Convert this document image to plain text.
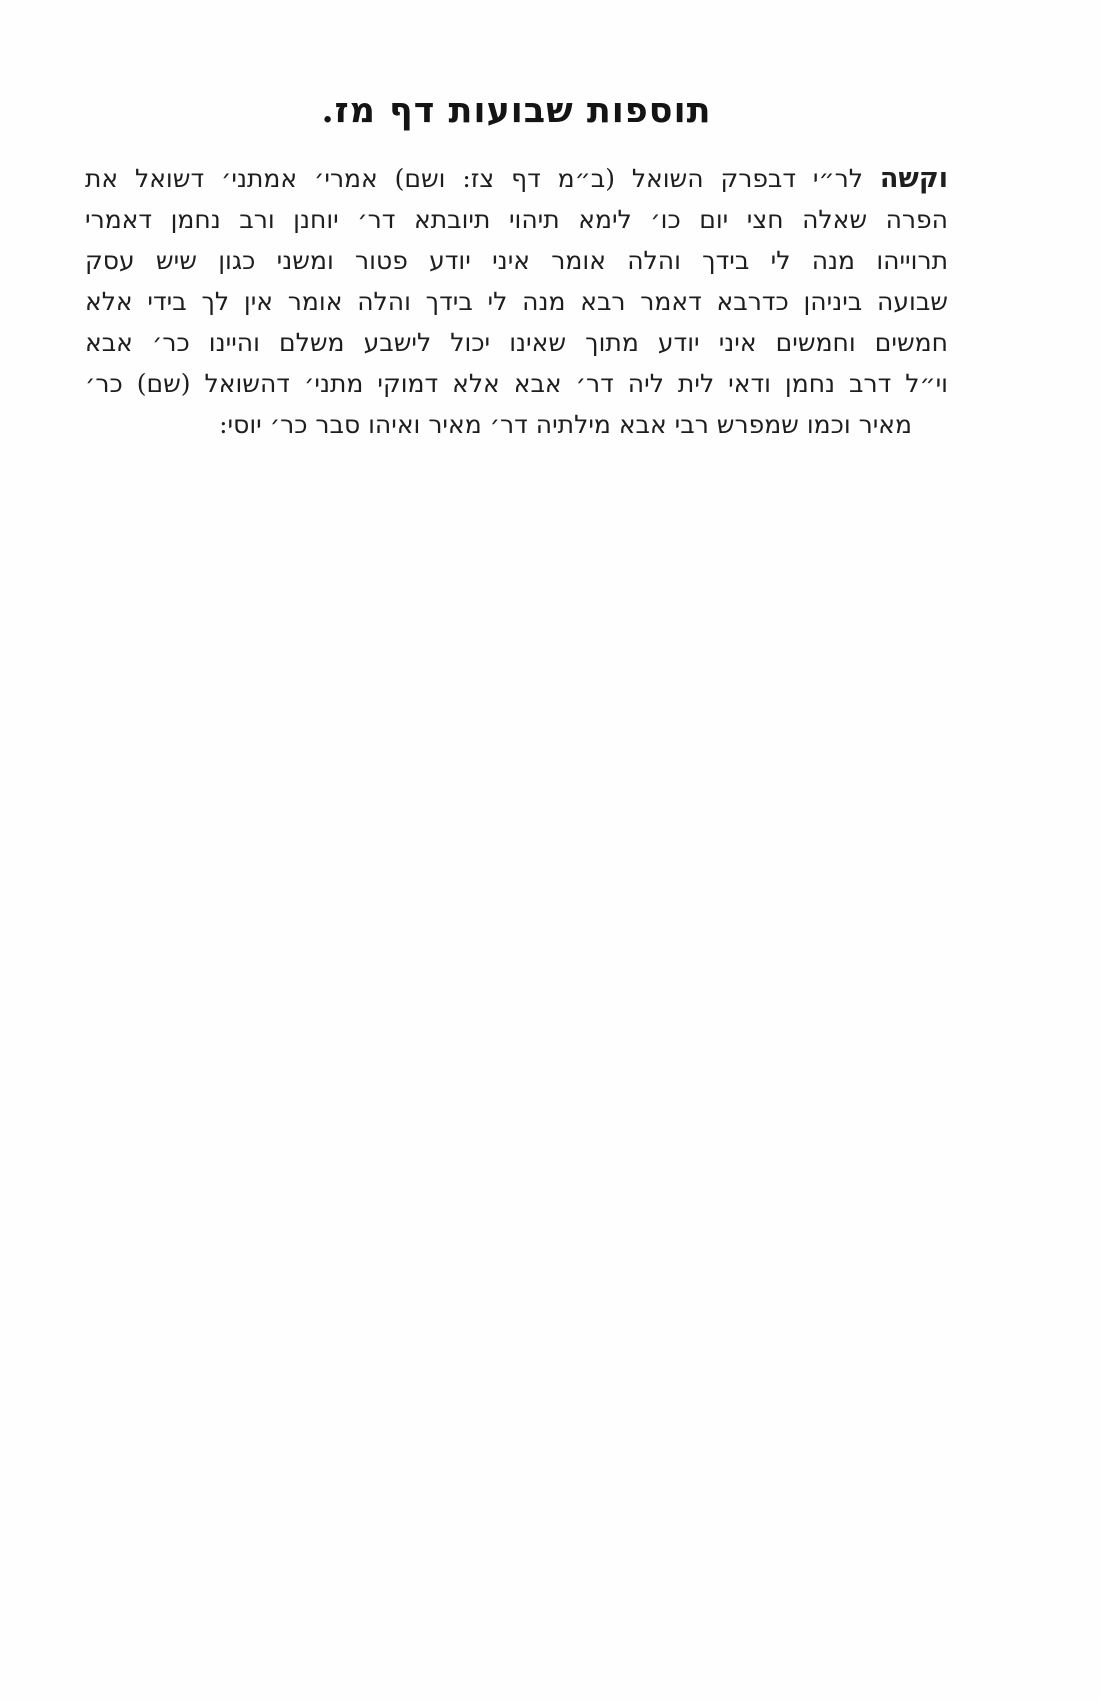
תוספות שבועות דף מז.
וקשה לר״י דבפרק השואל (ב״מ דף צז: ושם) אמרי׳ אמתני׳ דשואל את
הפרה שאלה חצי יום כו׳ לימא תיהוי תיובתא דר׳ יוחנן ורב נחמן דאמרי
תרוייהו מנה לי בידך והלה אומר איני יודע פטור ומשני כגון שיש עסק
שבועה ביניהן כדרבא דאמר רבא מנה לי בידך והלה אומר אין לך בידי אלא
חמשים וחמשים איני יודע מתוך שאינו יכול לישבע משלם והיינו כר׳ אבא
וי״ל דרב נחמן ודאי לית ליה דר׳ אבא אלא דמוקי מתני׳ דהשואל (שם) כר׳
מאיר וכמו שמפרש רבי אבא מילתיה דר׳ מאיר ואיהו סבר כר׳ יוסי:
